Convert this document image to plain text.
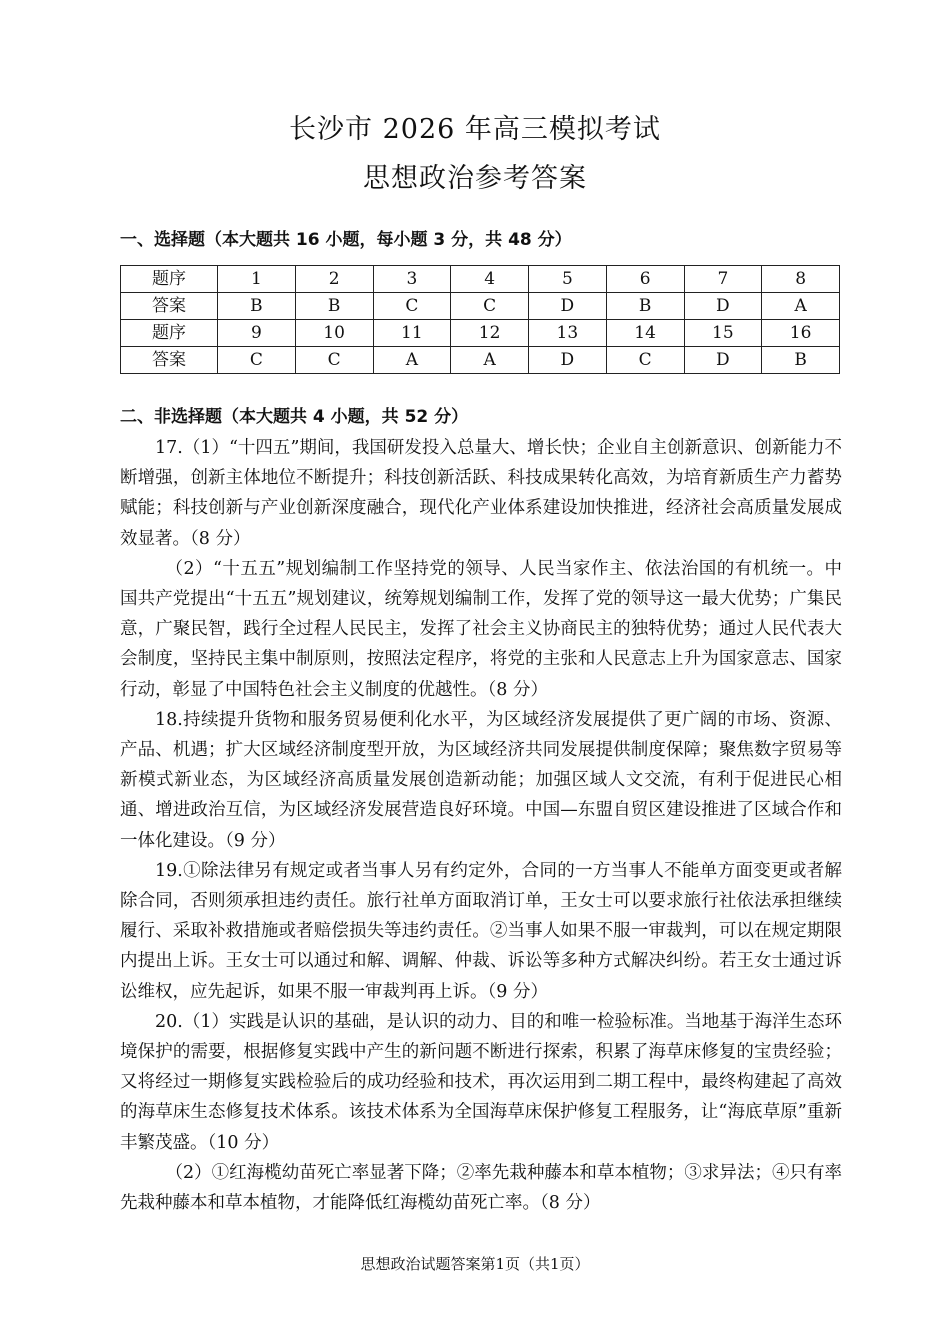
长沙市 2026 年高三模拟考试
思想政治参考答案
一、选择题（本大题共 16 小题，每小题 3 分，共 48 分）
题序	1	2	3	4	5	6	7	8
答案	B	B	C	C	D	B	D	A
题序	9	10	11	12	13	14	15	16
答案	C	C	A	A	D	C	D	B
二、非选择题（本大题共 4 小题，共 52 分）

17.（1）“十四五”期间，我国研发投入总量大、增长快；企业自主创新意识、创新能力不断增强，创新主体地位不断提升；科技创新活跃、科技成果转化高效，为培育新质生产力蓄势赋能；科技创新与产业创新深度融合，现代化产业体系建设加快推进，经济社会高质量发展成效显著。（8 分）

（2）“十五五”规划编制工作坚持党的领导、人民当家作主、依法治国的有机统一。中国共产党提出“十五五”规划建议，统筹规划编制工作，发挥了党的领导这一最大优势；广集民意，广聚民智，践行全过程人民民主，发挥了社会主义协商民主的独特优势；通过人民代表大会制度，坚持民主集中制原则，按照法定程序，将党的主张和人民意志上升为国家意志、国家行动，彰显了中国特色社会主义制度的优越性。（8 分）

18.持续提升货物和服务贸易便利化水平，为区域经济发展提供了更广阔的市场、资源、产品、机遇；扩大区域经济制度型开放，为区域经济共同发展提供制度保障；聚焦数字贸易等新模式新业态，为区域经济高质量发展创造新动能；加强区域人文交流，有利于促进民心相通、增进政治互信，为区域经济发展营造良好环境。中国—东盟自贸区建设推进了区域合作和一体化建设。（9 分）

19.①除法律另有规定或者当事人另有约定外，合同的一方当事人不能单方面变更或者解除合同，否则须承担违约责任。旅行社单方面取消订单，王女士可以要求旅行社依法承担继续履行、采取补救措施或者赔偿损失等违约责任。②当事人如果不服一审裁判，可以在规定期限内提出上诉。王女士可以通过和解、调解、仲裁、诉讼等多种方式解决纠纷。若王女士通过诉讼维权，应先起诉，如果不服一审裁判再上诉。（9 分）

20.（1）实践是认识的基础，是认识的动力、目的和唯一检验标准。当地基于海洋生态环境保护的需要，根据修复实践中产生的新问题不断进行探索，积累了海草床修复的宝贵经验；又将经过一期修复实践检验后的成功经验和技术，再次运用到二期工程中，最终构建起了高效的海草床生态修复技术体系。该技术体系为全国海草床保护修复工程服务，让“海底草原”重新丰繁茂盛。（10 分）

（2）①红海榄幼苗死亡率显著下降；②率先栽种藤本和草本植物；③求异法；④只有率先栽种藤本和草本植物，才能降低红海榄幼苗死亡率。（8 分）

思想政治试题答案第1页（共1页）
